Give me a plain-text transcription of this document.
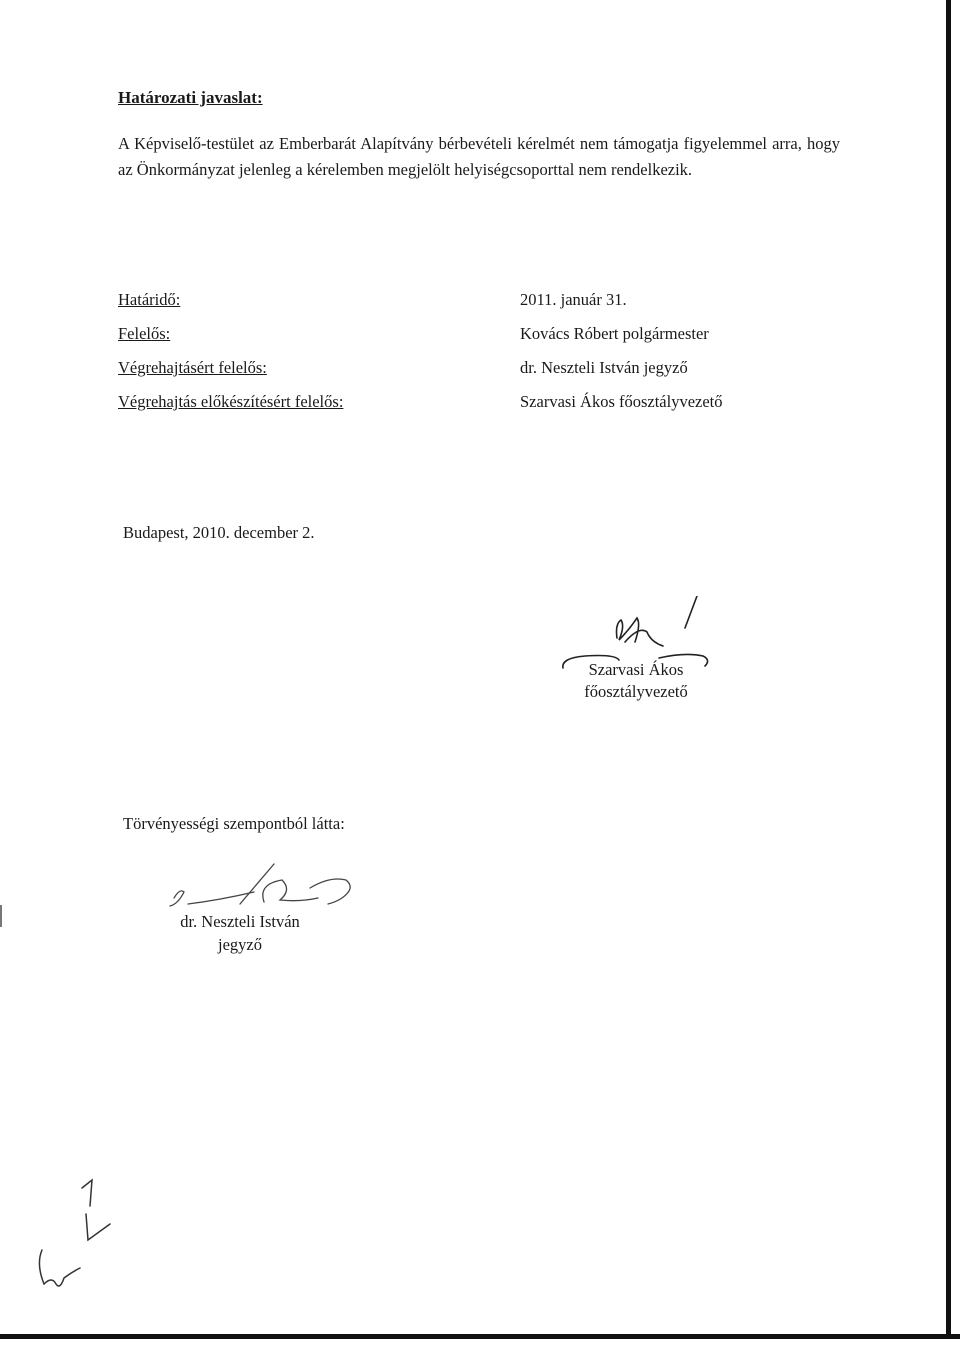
Határozati javaslat:
A Képviselő-testület az Emberbarát Alapítvány bérbevételi kérelmét nem támogatja figyelemmel arra, hogy az Önkormányzat jelenleg a kérelemben megjelölt helyiségcsoporttal nem rendelkezik.
Határidő:	2011. január 31.
Felelős:	Kovács Róbert polgármester
Végrehajtásért felelős:	dr. Neszteli István jegyző
Végrehajtás előkészítésért felelős:	Szarvasi Ákos főosztályvezető
Budapest, 2010. december 2.
Szarvasi Ákos
főosztályvezető
Törvényességi szempontból látta:
dr. Neszteli István
jegyző
